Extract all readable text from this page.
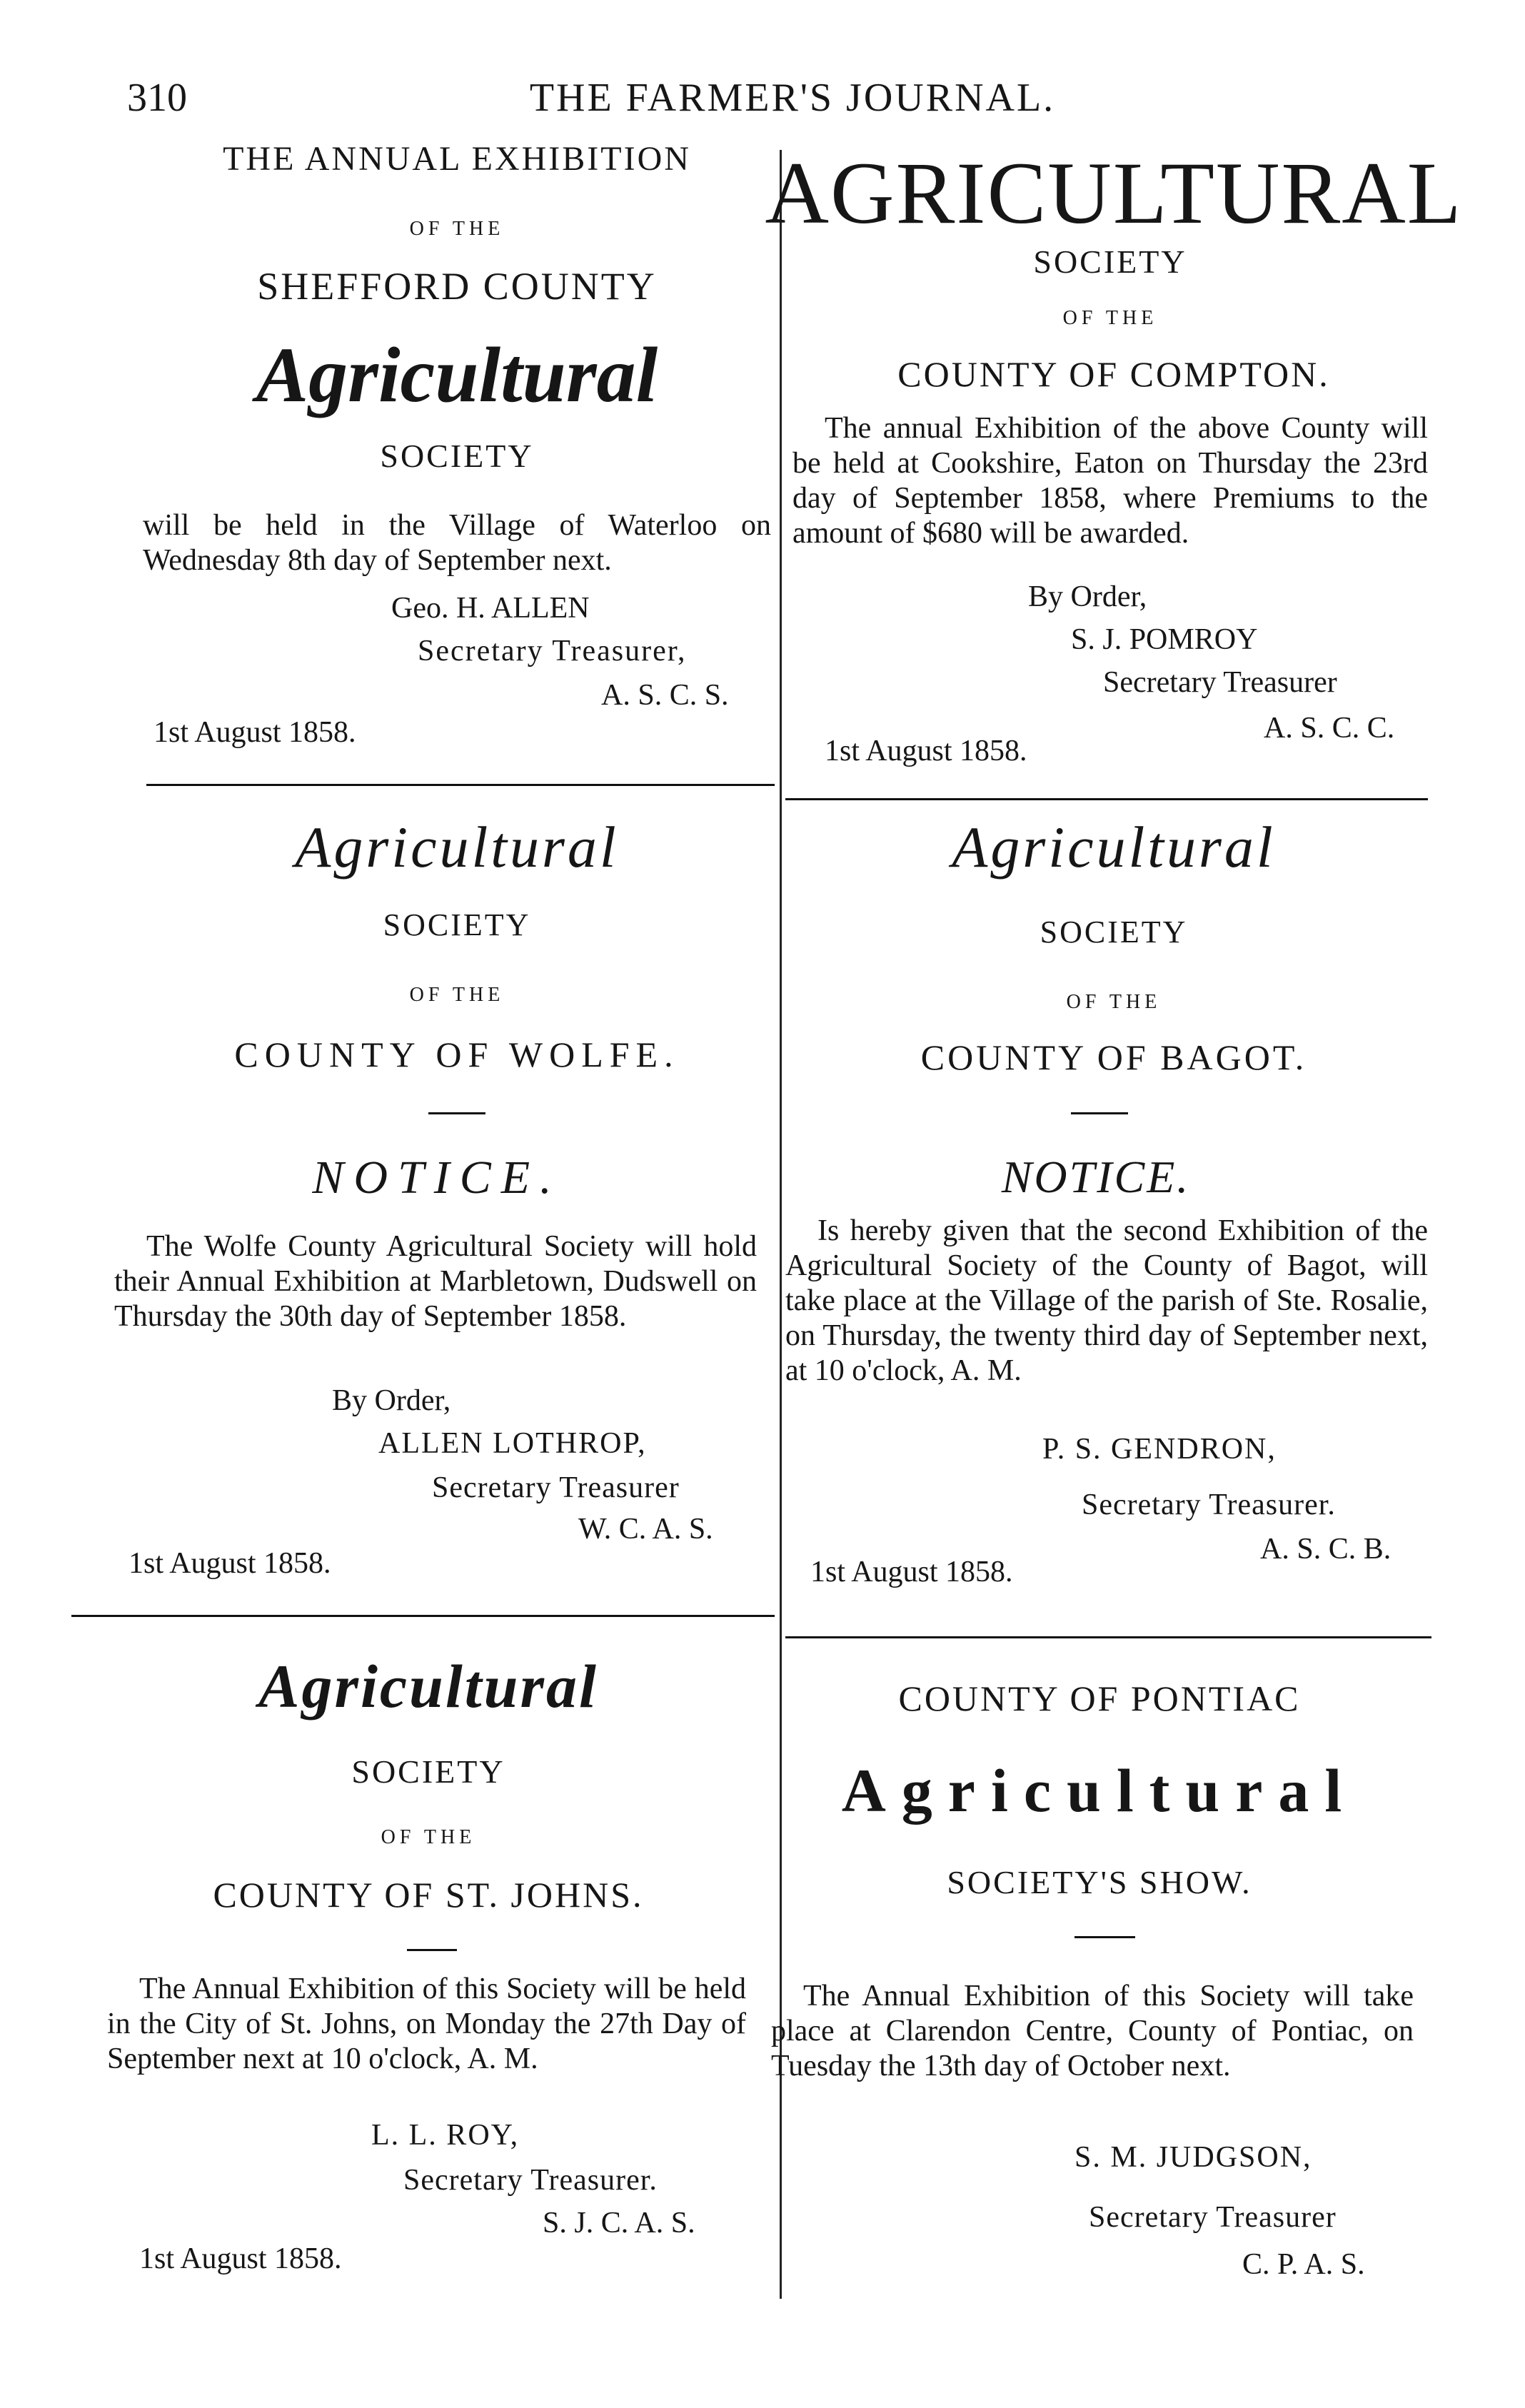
310	THE FARMER'S JOURNAL.
THE ANNUAL EXHIBITION
OF THE
SHEFFORD COUNTY
Agricultural
SOCIETY
will be held in the Village of Waterloo on Wednesday 8th day of September next.
Geo. H. ALLEN
Secretary Treasurer,
A. S. C. S.
1st August 1858.
AGRICULTURAL
SOCIETY
OF THE
COUNTY OF COMPTON.
The annual Exhibition of the above County will be held at Cookshire, Eaton on Thursday the 23rd day of September 1858, where Premiums to the amount of $680 will be awarded.
By Order,
S. J. POMROY
Secretary Treasurer
A. S. C. C.
1st August 1858.
Agricultural
SOCIETY
OF THE
COUNTY OF WOLFE.
NOTICE.
The Wolfe County Agricultural Society will hold their Annual Exhibition at Marbletown, Dudswell on Thursday the 30th day of September 1858.
By Order,
ALLEN LOTHROP,
Secretary Treasurer
W. C. A. S.
1st August 1858.
Agricultural
SOCIETY
OF THE
COUNTY OF BAGOT.
NOTICE.
Is hereby given that the second Exhibition of the Agricultural Society of the County of Bagot, will take place at the Village of the parish of Ste. Rosalie, on Thursday, the twenty third day of September next, at 10 o'clock, A. M.
P. S. GENDRON,
Secretary Treasurer.
A. S. C. B.
1st August 1858.
Agricultural
SOCIETY
OF THE
COUNTY OF ST. JOHNS.
The Annual Exhibition of this Society will be held in the City of St. Johns, on Monday the 27th Day of September next at 10 o'clock, A. M.
L. L. ROY,
Secretary Treasurer.
S. J. C. A. S.
1st August 1858.
COUNTY OF PONTIAC
Agricultural
SOCIETY'S SHOW.
The Annual Exhibition of this Society will take place at Clarendon Centre, County of Pontiac, on Tuesday the 13th day of October next.
S. M. JUDGSON,
Secretary Treasurer
C. P. A. S.
